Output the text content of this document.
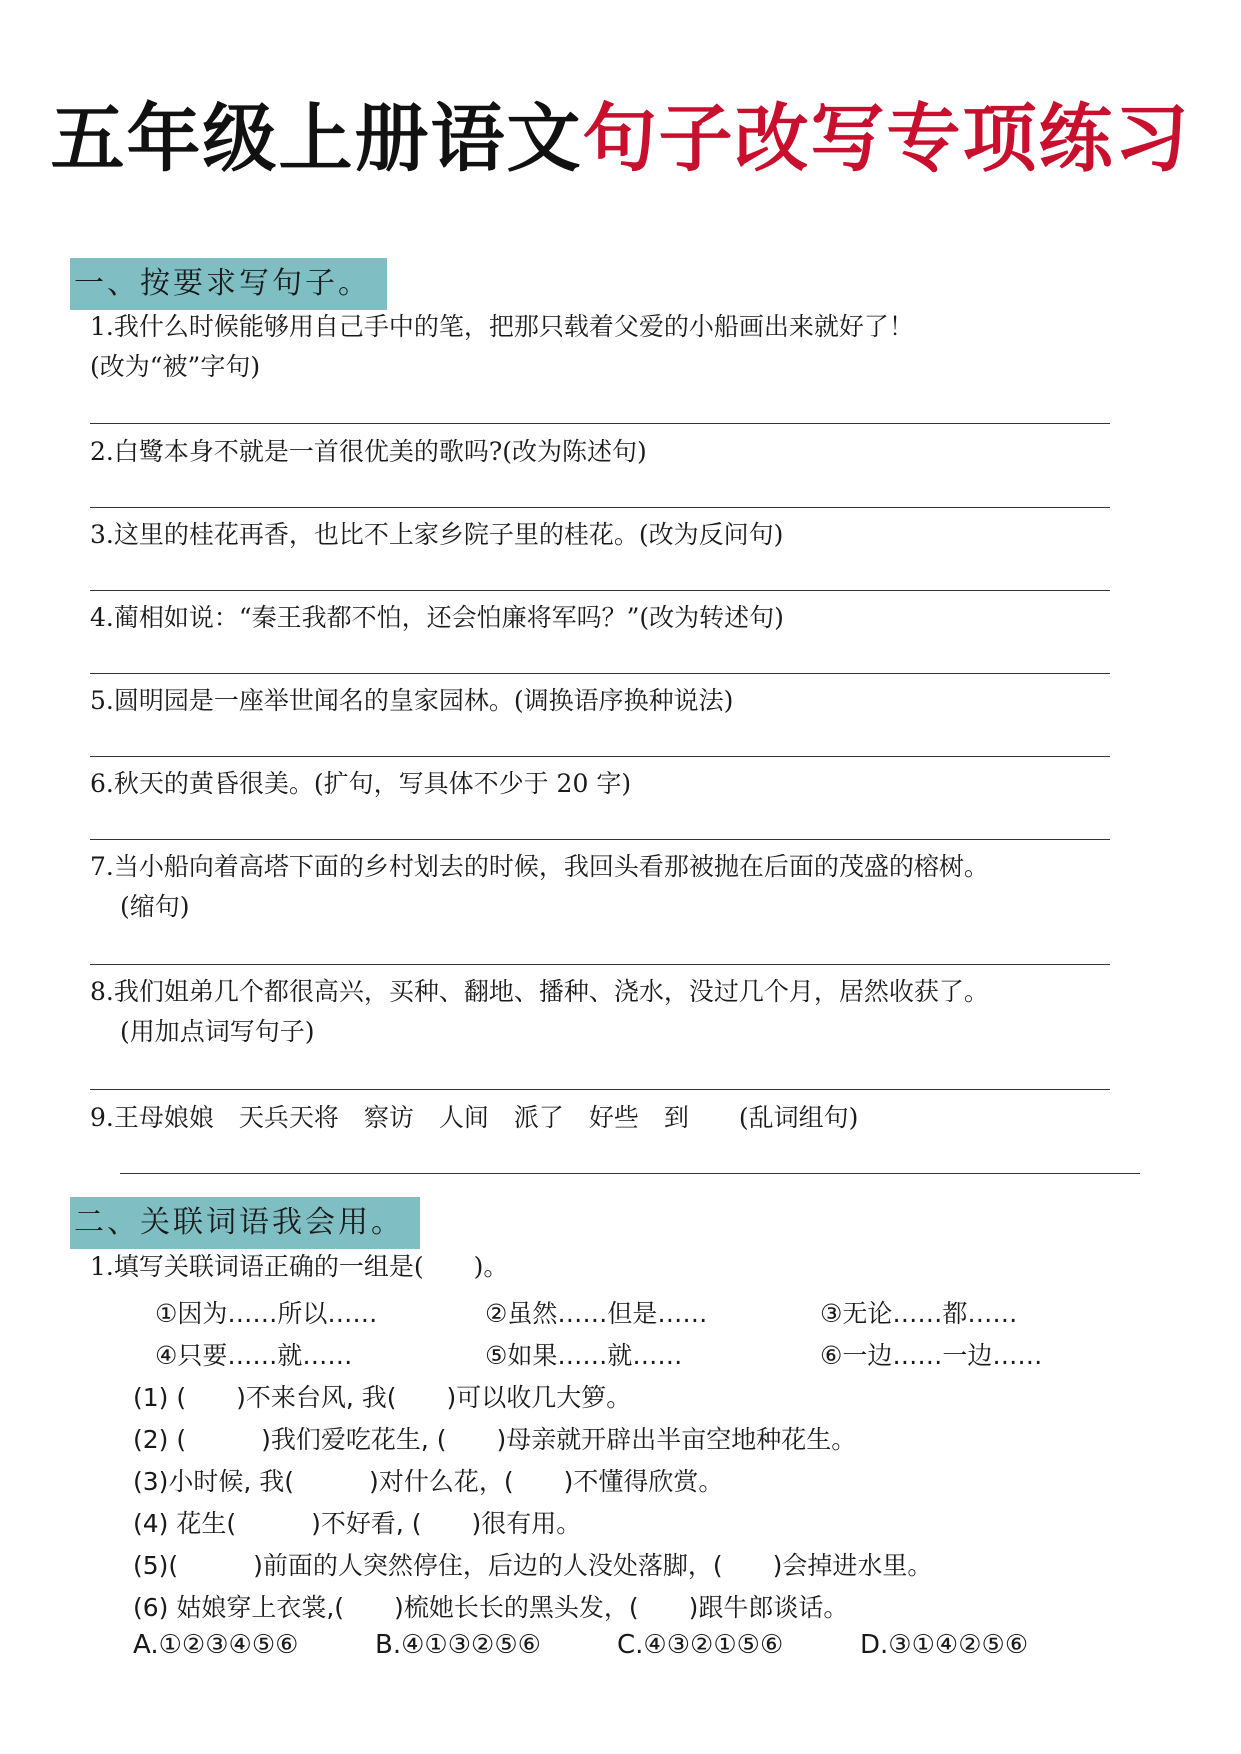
五年级上册语文句子改写专项练习
一、按要求写句子。
1.我什么时候能够用自己手中的笔，把那只载着父爱的小船画出来就好了！
(改为“被”字句)
2.白鹭本身不就是一首很优美的歌吗?(改为陈述句)
3.这里的桂花再香，也比不上家乡院子里的桂花。(改为反问句)
4.蔺相如说：“秦王我都不怕，还会怕廉将军吗？”(改为转述句)
5.圆明园是一座举世闻名的皇家园林。(调换语序换种说法)
6.秋天的黄昏很美。(扩句，写具体不少于 20 字)
7.当小船向着高塔下面的乡村划去的时候，我回头看那被抛在后面的茂盛的榕树。
(缩句)
8.我们姐弟几个都很高兴，买种、翻地、播种、浇水，没过几个月，居然收获了。
(用加点词写句子)
9.王母娘娘　天兵天将　察访　人间　派了　好些　到　　(乱词组句)
二、关联词语我会用。
1.填写关联词语正确的一组是(　　)。
①因为……所以……	②虽然……但是……	③无论……都……
④只要……就……	⑤如果……就……	⑥一边……一边……
(1) (　　)不来台风, 我(　　)可以收几大箩。
(2) (　　　)我们爱吃花生, (　　)母亲就开辟出半亩空地种花生。
(3)小时候, 我(　　　)对什么花，(　　)不懂得欣赏。
(4) 花生(　　　)不好看, (　　)很有用。
(5)(　　　)前面的人突然停住，后边的人没处落脚，(　　)会掉进水里。
(6) 姑娘穿上衣裳,(　　)梳她长长的黑头发，(　　)跟牛郎谈话。
A.①②③④⑤⑥	B.④①③②⑤⑥	C.④③②①⑤⑥	D.③①④②⑤⑥
